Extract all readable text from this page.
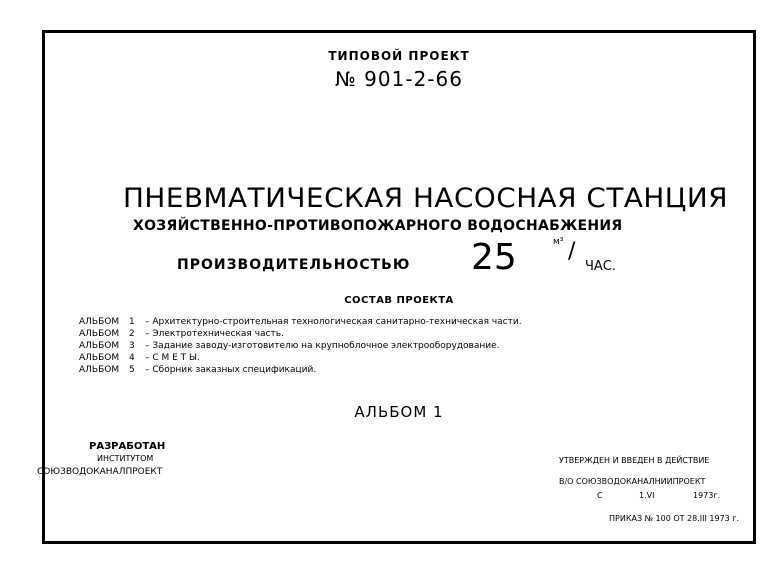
ТИПОВОЙ ПРОЕКТ
№ 901-2-66
ПНЕВМАТИЧЕСКАЯ НАСОСНАЯ СТАНЦИЯ
ХОЗЯЙСТВЕННО-ПРОТИВОПОЖАРНОГО ВОДОСНАБЖЕНИЯ
ПРОИЗВОДИТЕЛЬНОСТЬЮ 25	м³ /
ЧАС.
СОСТАВ ПРОЕКТА
АЛЬБОМ 1 – Архитектурно-строительная технологическая санитарно-техническая части.
АЛЬБОМ 2 – Электротехническая часть.
АЛЬБОМ 3 – Задание заводу-изготовителю на крупноблочное электрооборудование.
АЛЬБОМ 4 – С М Е Т Ы.
АЛЬБОМ 5 – Сборник заказных спецификаций.
АЛЬБОМ 1
РАЗРАБОТАН
ИНСТИТУТОМ
СОЮЗВОДОКАНАЛПРОЕКТ
УТВЕРЖДЕН И ВВЕДЕН В ДЕЙСТВИЕ
В/О СОЮЗВОДОКАНАЛНИИПРОЕКТ
С	1.VI	1973г.
ПРИКАЗ № 100 ОТ 28.III 1973 г.
